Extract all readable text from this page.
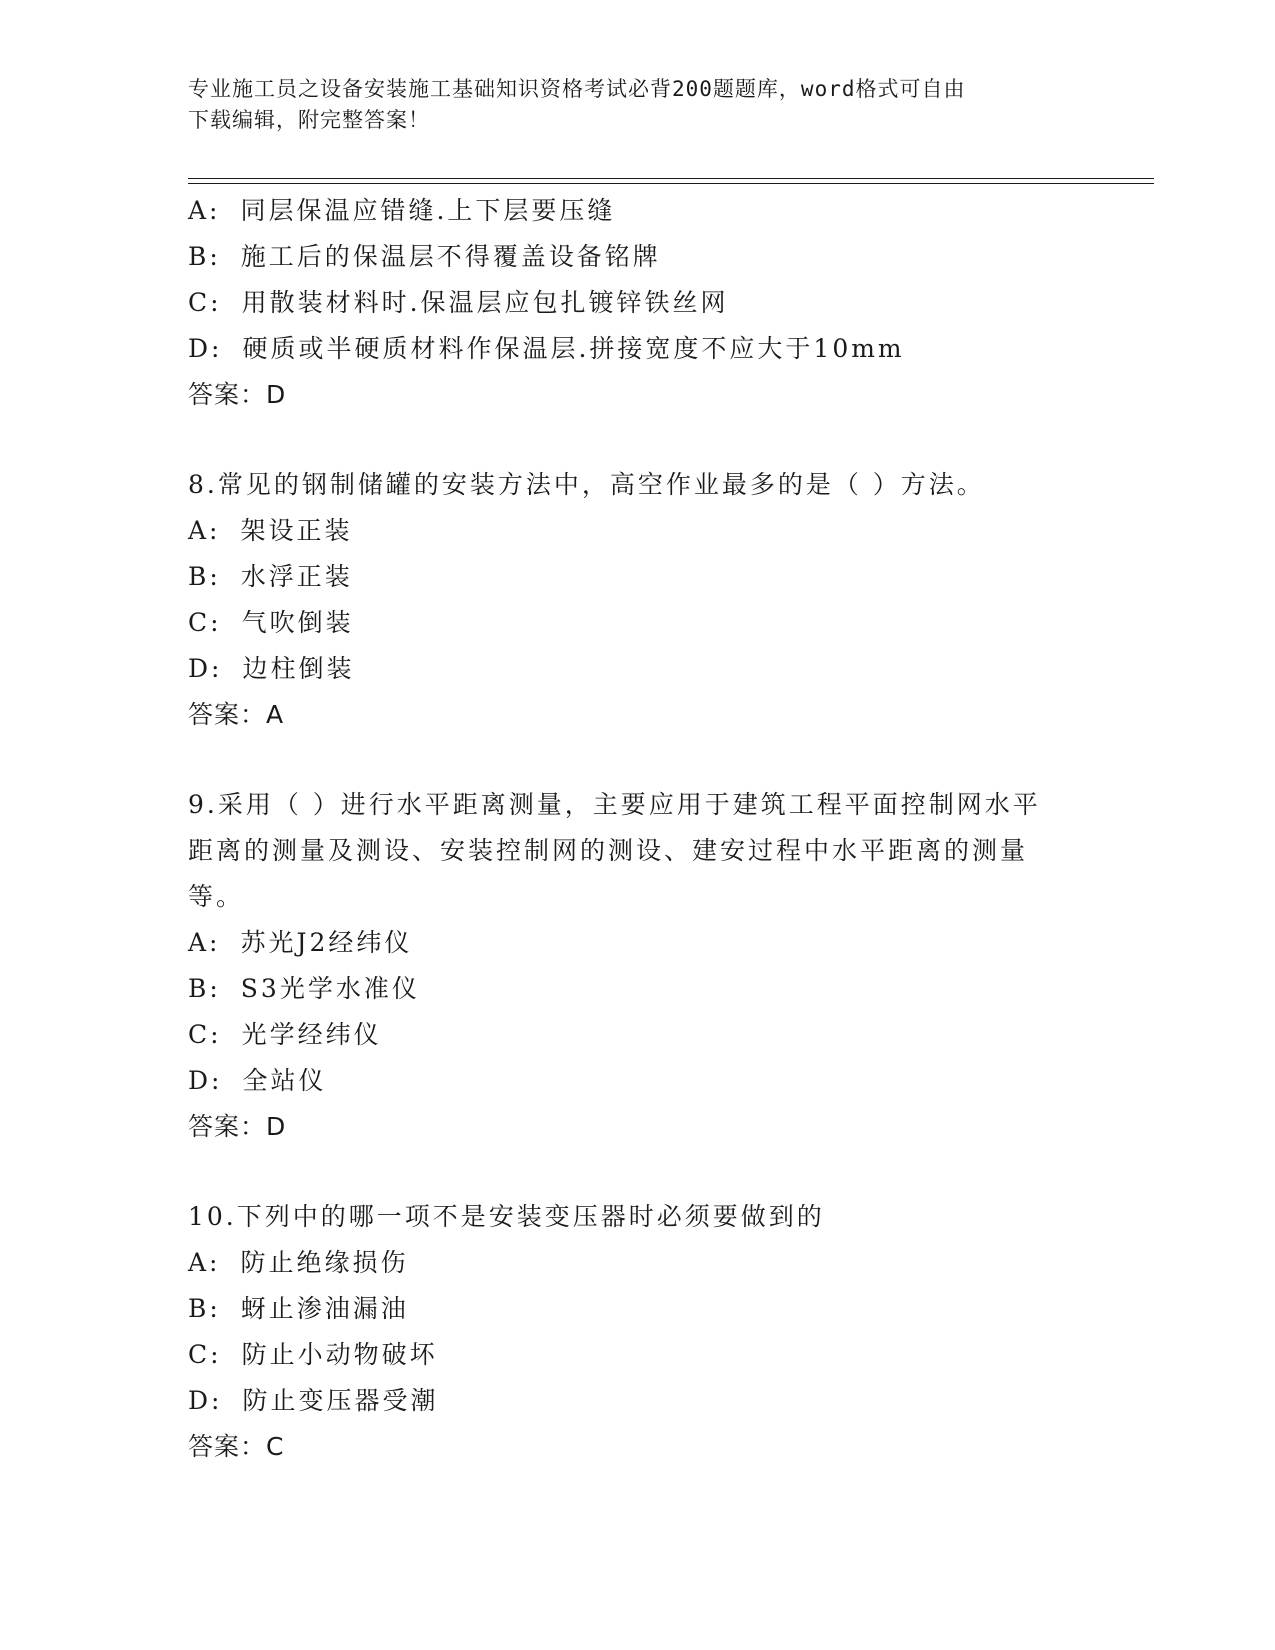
专业施工员之设备安装施工基础知识资格考试必背200题题库，word格式可自由
下载编辑，附完整答案！
A: 同层保温应错缝.上下层要压缝
B: 施工后的保温层不得覆盖设备铭牌
C: 用散装材料时.保温层应包扎镀锌铁丝网
D: 硬质或半硬质材料作保温层.拼接宽度不应大于10mm
答案：D
8.常见的钢制储罐的安装方法中，高空作业最多的是（ ）方法。
A: 架设正装
B: 水浮正装
C: 气吹倒装
D: 边柱倒装
答案：A
9.采用（ ）进行水平距离测量，主要应用于建筑工程平面控制网水平
距离的测量及测设、安装控制网的测设、建安过程中水平距离的测量
等。
A: 苏光J2经纬仪
B: S3光学水准仪
C: 光学经纬仪
D: 全站仪
答案：D
10.下列中的哪一项不是安装变压器时必须要做到的
A: 防止绝缘损伤
B: 蚜止渗油漏油
C: 防止小动物破坏
D: 防止变压器受潮
答案：C
